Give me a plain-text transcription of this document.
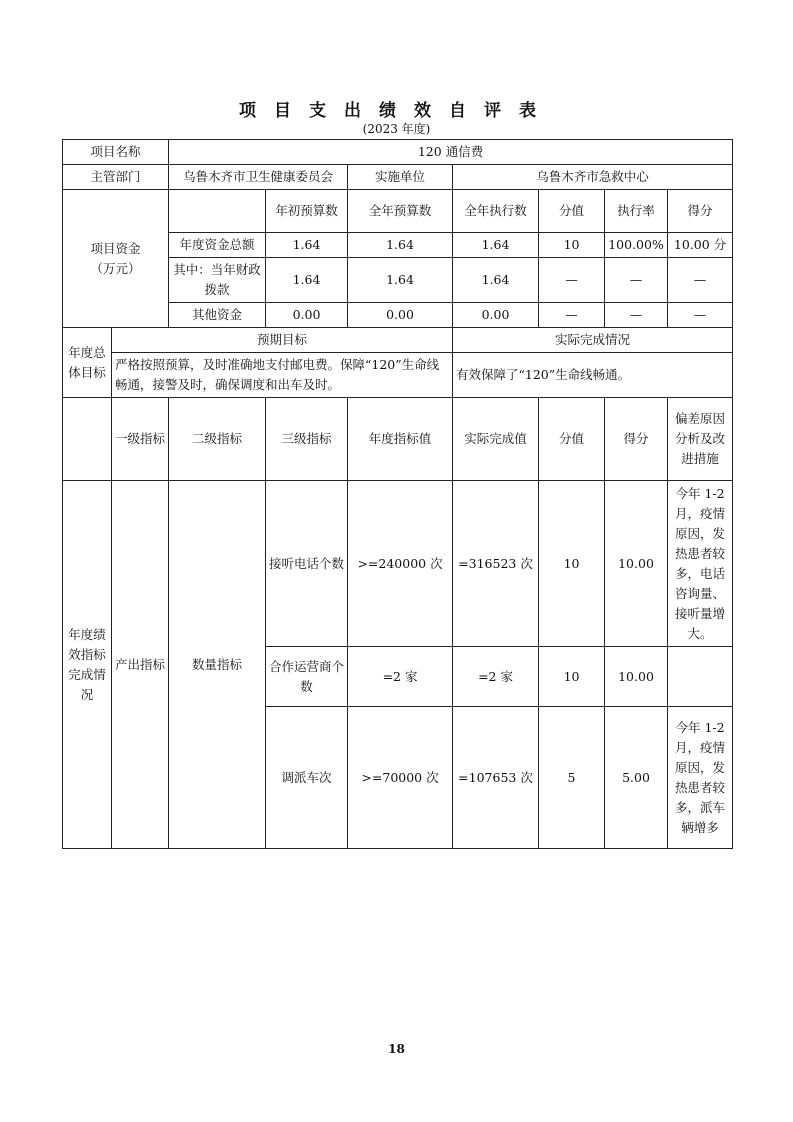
项目支出绩效自评表
(2023 年度)
项目名称		120 通信费						
主管部门		乌鲁木齐市卫生健康委员会		实施单位	乌鲁木齐市急救中心			
项目资金
（万元）			年初预算数	全年预算数	全年执行数	分值	执行率	得分
		年度资金总额	1.64	1.64	1.64	10	100.00%	10.00 分
		其中：当年财政拨款	1.64	1.64	1.64	—	—	—
		其他资金	0.00	0.00	0.00	—	—	—
年度总体目标	预期目标				实际完成情况			
	严格按照预算，及时准确地支付邮电费。保障“120”生命线畅通，接警及时，确保调度和出车及时。				有效保障了“120”生命线畅通。			
	一级指标	二级指标	三级指标	年度指标值	实际完成值	分值	得分	偏差原因分析及改进措施
年度绩效指标完成情况	产出指标	数量指标	接听电话个数	>=240000 次	=316523 次	10	10.00	今年 1-2 月，疫情原因，发热患者较多，电话咨询量、接听量增大。
			合作运营商个数	=2 家	=2 家	10	10.00	
			调派车次	>=70000 次	=107653 次	5	5.00	今年 1-2 月，疫情原因，发热患者较多，派车辆增多
18
